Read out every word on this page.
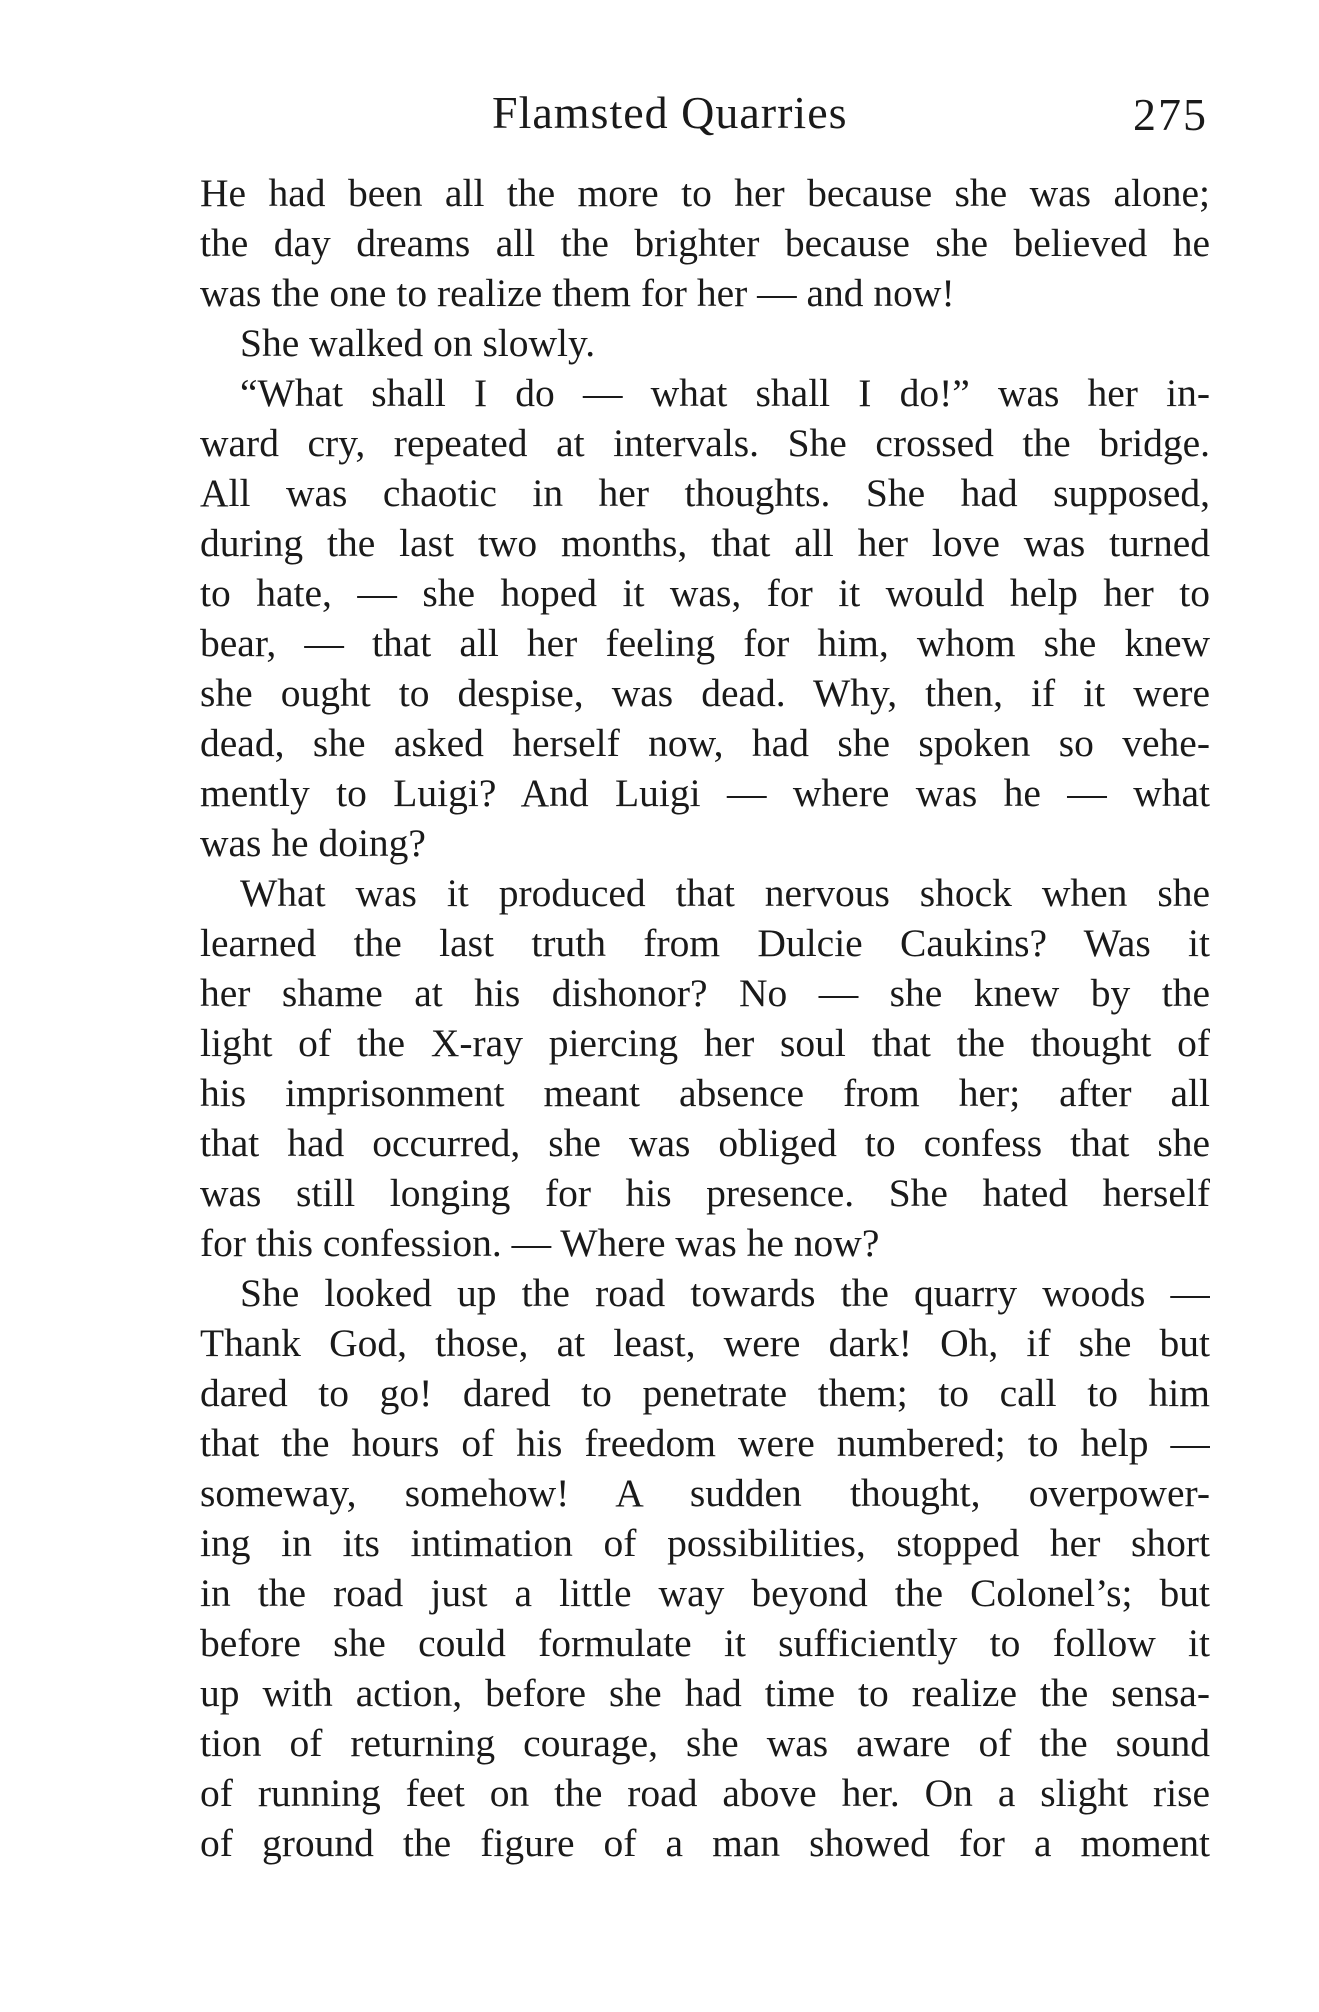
Flamsted Quarries	275
He had been all the more to her because she was alone;
the day dreams all the brighter because she believed he
was the one to realize them for her — and now!
She walked on slowly.
“What shall I do — what shall I do!” was her in-
ward cry, repeated at intervals. She crossed the bridge.
All was chaotic in her thoughts. She had supposed,
during the last two months, that all her love was turned
to hate, — she hoped it was, for it would help her to
bear, — that all her feeling for him, whom she knew
she ought to despise, was dead. Why, then, if it were
dead, she asked herself now, had she spoken so vehe-
mently to Luigi? And Luigi — where was he — what
was he doing?
What was it produced that nervous shock when she
learned the last truth from Dulcie Caukins? Was it
her shame at his dishonor? No — she knew by the
light of the X-ray piercing her soul that the thought of
his imprisonment meant absence from her; after all
that had occurred, she was obliged to confess that she
was still longing for his presence. She hated herself
for this confession. — Where was he now?
She looked up the road towards the quarry woods —
Thank God, those, at least, were dark! Oh, if she but
dared to go! dared to penetrate them; to call to him
that the hours of his freedom were numbered; to help —
someway, somehow! A sudden thought, overpower-
ing in its intimation of possibilities, stopped her short
in the road just a little way beyond the Colonel’s; but
before she could formulate it sufficiently to follow it
up with action, before she had time to realize the sensa-
tion of returning courage, she was aware of the sound
of running feet on the road above her. On a slight rise
of ground the figure of a man showed for a moment
